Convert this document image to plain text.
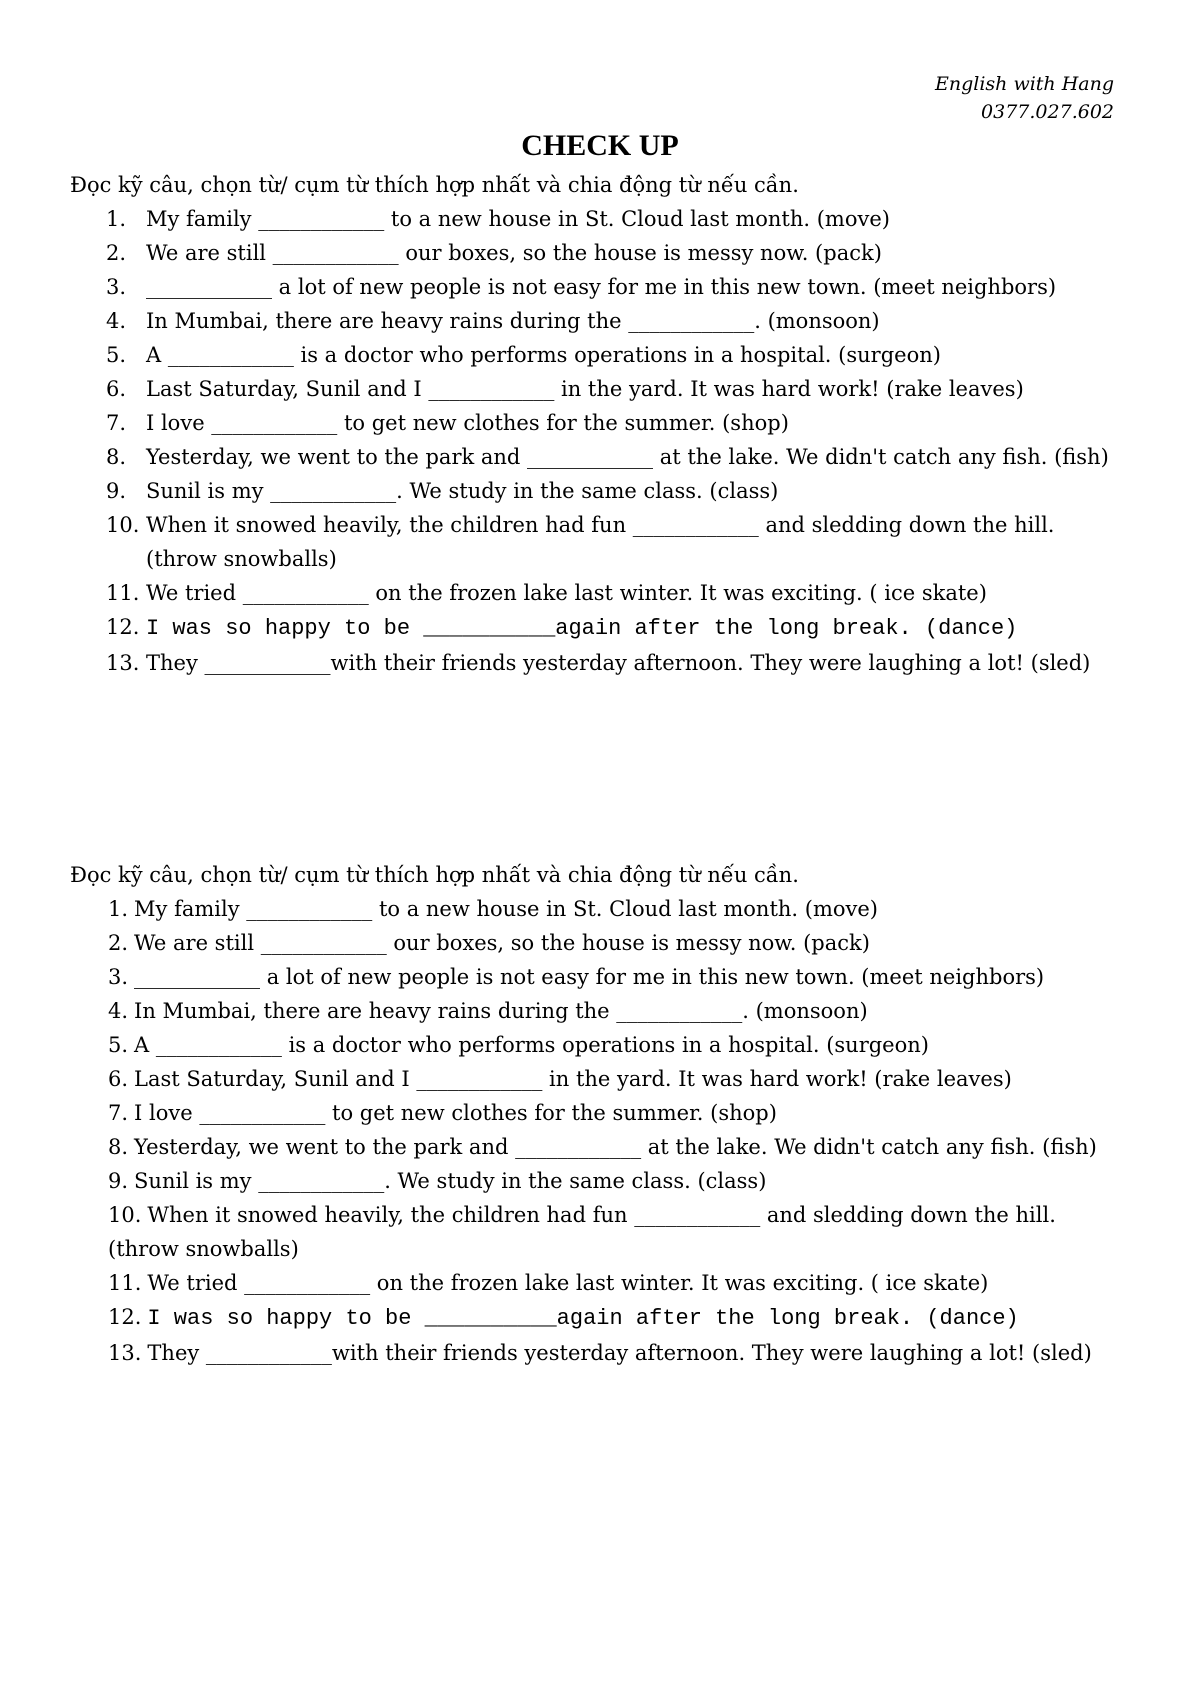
English with Hang
0377.027.602
CHECK UP

Đọc kỹ câu, chọn từ/ cụm từ thích hợp nhất và chia động từ nếu cần.

1. My family ____________ to a new house in St. Cloud last month. (move)
2. We are still ____________ our boxes, so the house is messy now. (pack)
3. ____________ a lot of new people is not easy for me in this new town. (meet neighbors)
4. In Mumbai, there are heavy rains during the ____________. (monsoon)
5. A ____________ is a doctor who performs operations in a hospital. (surgeon)
6. Last Saturday, Sunil and I ____________ in the yard. It was hard work! (rake leaves)
7. I love ____________ to get new clothes for the summer. (shop)
8. Yesterday, we went to the park and ____________ at the lake. We didn't catch any fish. (fish)
9. Sunil is my ____________. We study in the same class. (class)
10. When it snowed heavily, the children had fun ____________ and sledding down the hill. (throw snowballs)
11. We tried ____________ on the frozen lake last winter. It was exciting. ( ice skate)
12. I was so happy to be __________again after the long break. (dance)
13. They ____________with their friends yesterday afternoon. They were laughing a lot! (sled)

Đọc kỹ câu, chọn từ/ cụm từ thích hợp nhất và chia động từ nếu cần.

1. My family ____________ to a new house in St. Cloud last month. (move)
2. We are still ____________ our boxes, so the house is messy now. (pack)
3. ____________ a lot of new people is not easy for me in this new town. (meet neighbors)
4. In Mumbai, there are heavy rains during the ____________. (monsoon)
5. A ____________ is a doctor who performs operations in a hospital. (surgeon)
6. Last Saturday, Sunil and I ____________ in the yard. It was hard work! (rake leaves)
7. I love ____________ to get new clothes for the summer. (shop)
8. Yesterday, we went to the park and ____________ at the lake. We didn't catch any fish. (fish)
9. Sunil is my ____________. We study in the same class. (class)
10. When it snowed heavily, the children had fun ____________ and sledding down the hill. (throw snowballs)
11. We tried ____________ on the frozen lake last winter. It was exciting. ( ice skate)
12. I was so happy to be __________again after the long break. (dance)
13. They ____________with their friends yesterday afternoon. They were laughing a lot! (sled)
